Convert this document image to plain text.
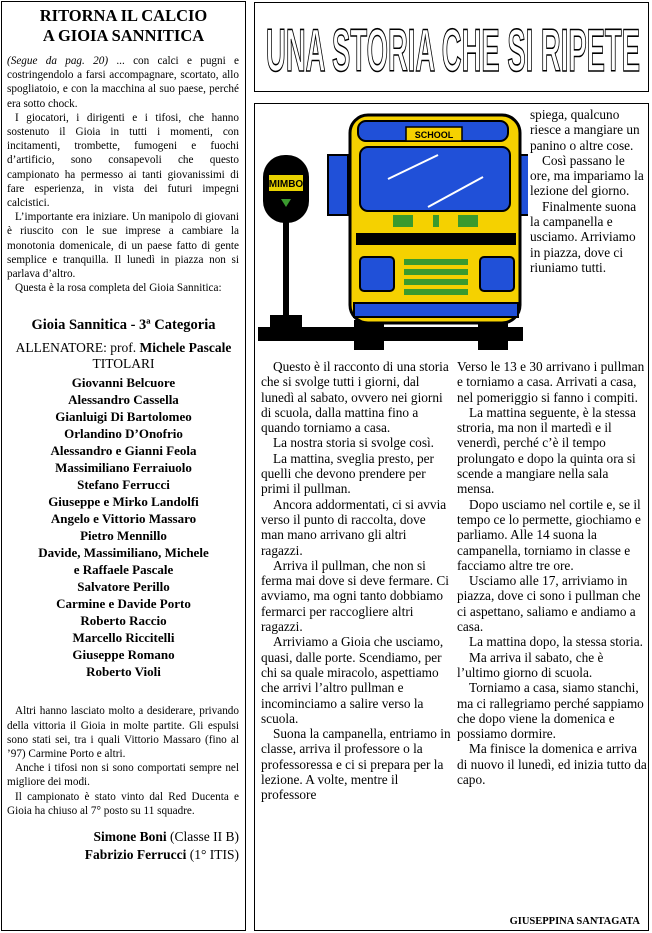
RITORNA IL CALCIO
A GIOIA SANNITICA

(Segue da pag. 20) ... con calci e pugni e costringendolo a farsi accompagnare, scortato, allo spogliatoio, e con la macchina al suo paese, perché era sotto chock.

I giocatori, i dirigenti e i tifosi, che hanno sostenuto il Gioia in tutti i momenti, con incitamenti, trombette, fumogeni e fuochi d’artificio, sono consapevoli che questo campionato ha permesso ai tanti giovanissimi di fare esperienza, in vista dei futuri impegni calcistici.

L’importante era iniziare. Un manipolo di giovani è riuscito con le sue imprese a cambiare la monotonia domenicale, di un paese fatto di gente semplice e tranquilla. Il lunedì in piazza non si parlava d’altro.

Questa è la rosa completa del Gioia Sannitica:

Gioia Sannitica - 3ª Categoria
ALLENATORE: prof. Michele Pascale
TITOLARI
Giovanni Belcuore
Alessandro Cassella
Gianluigi Di Bartolomeo
Orlandino D’Onofrio
Alessandro e Gianni Feola
Massimiliano Ferraiuolo
Stefano Ferrucci
Giuseppe e Mirko Landolfi
Angelo e Vittorio Massaro
Pietro Mennillo
Davide, Massimiliano, Michele
e Raffaele Pascale
Salvatore Perillo
Carmine e Davide Porto
Roberto Raccio
Marcello Riccitelli
Giuseppe Romano
Roberto Violi

Altri hanno lasciato molto a desiderare, privando della vittoria il Gioia in molte partite. Gli espulsi sono stati sei, tra i quali Vittorio Massaro (fino al ’97) Carmine Porto e altri.

Anche i tifosi non si sono comportati sempre nel migliore dei modi.

Il campionato è stato vinto dal Red Ducenta e Gioia ha chiuso al 7° posto su 11 squadre.

Simone Boni (Classe II B)
Fabrizio Ferrucci (1° ITIS)
UNA STORIA CHE SI RIPETE
MIMBO
SCHOOL

spiega, qualcuno riesce a mangiare un panino o altre cose.

Così passano le ore, ma impariamo la lezione del giorno.

Finalmente suona la campanella e usciamo. Arriviamo in piazza, dove ci riuniamo tutti.

Questo è il racconto di una storia che si svolge tutti i giorni, dal lunedì al sabato, ovvero nei giorni di scuola, dalla mattina fino a quando torniamo a casa.

La nostra storia si svolge così.

La mattina, sveglia presto, per quelli che devono prendere per primi il pullman.

Ancora addormentati, ci si avvia verso il punto di raccolta, dove man mano arrivano gli altri ragazzi.

Arriva il pullman, che non si ferma mai dove si deve fermare. Ci avviamo, ma ogni tanto dobbiamo fermarci per raccogliere altri ragazzi.

Arriviamo a Gioia che usciamo, quasi, dalle porte. Scendiamo, per chi sa quale miracolo, aspettiamo che arrivi l’altro pullman e incominciamo a salire verso la scuola.

Suona la campanella, entriamo in classe, arriva il professore o la professoressa e ci si prepara per la lezione. A volte, mentre il professore

Verso le 13 e 30 arrivano i pullman e torniamo a casa. Arrivati a casa, nel pomeriggio si fanno i compiti.

La mattina seguente, è la stessa stroria, ma non il martedì e il venerdì, perché c’è il tempo prolungato e dopo la quinta ora si scende a mangiare nella sala mensa.

Dopo usciamo nel cortile e, se il tempo ce lo permette, giochiamo e parliamo. Alle 14 suona la campanella, torniamo in classe e facciamo altre tre ore.

Usciamo alle 17, arriviamo in piazza, dove ci sono i pullman che ci aspettano, saliamo e andiamo a casa.

La mattina dopo, la stessa storia.

Ma arriva il sabato, che è l’ultimo giorno di scuola.

Torniamo a casa, siamo stanchi, ma ci rallegriamo perché sappiamo che dopo viene la domenica e possiamo dormire.

Ma finisce la domenica e arriva di nuovo il lunedì, ed inizia tutto da capo.

GIUSEPPINA SANTAGATA
